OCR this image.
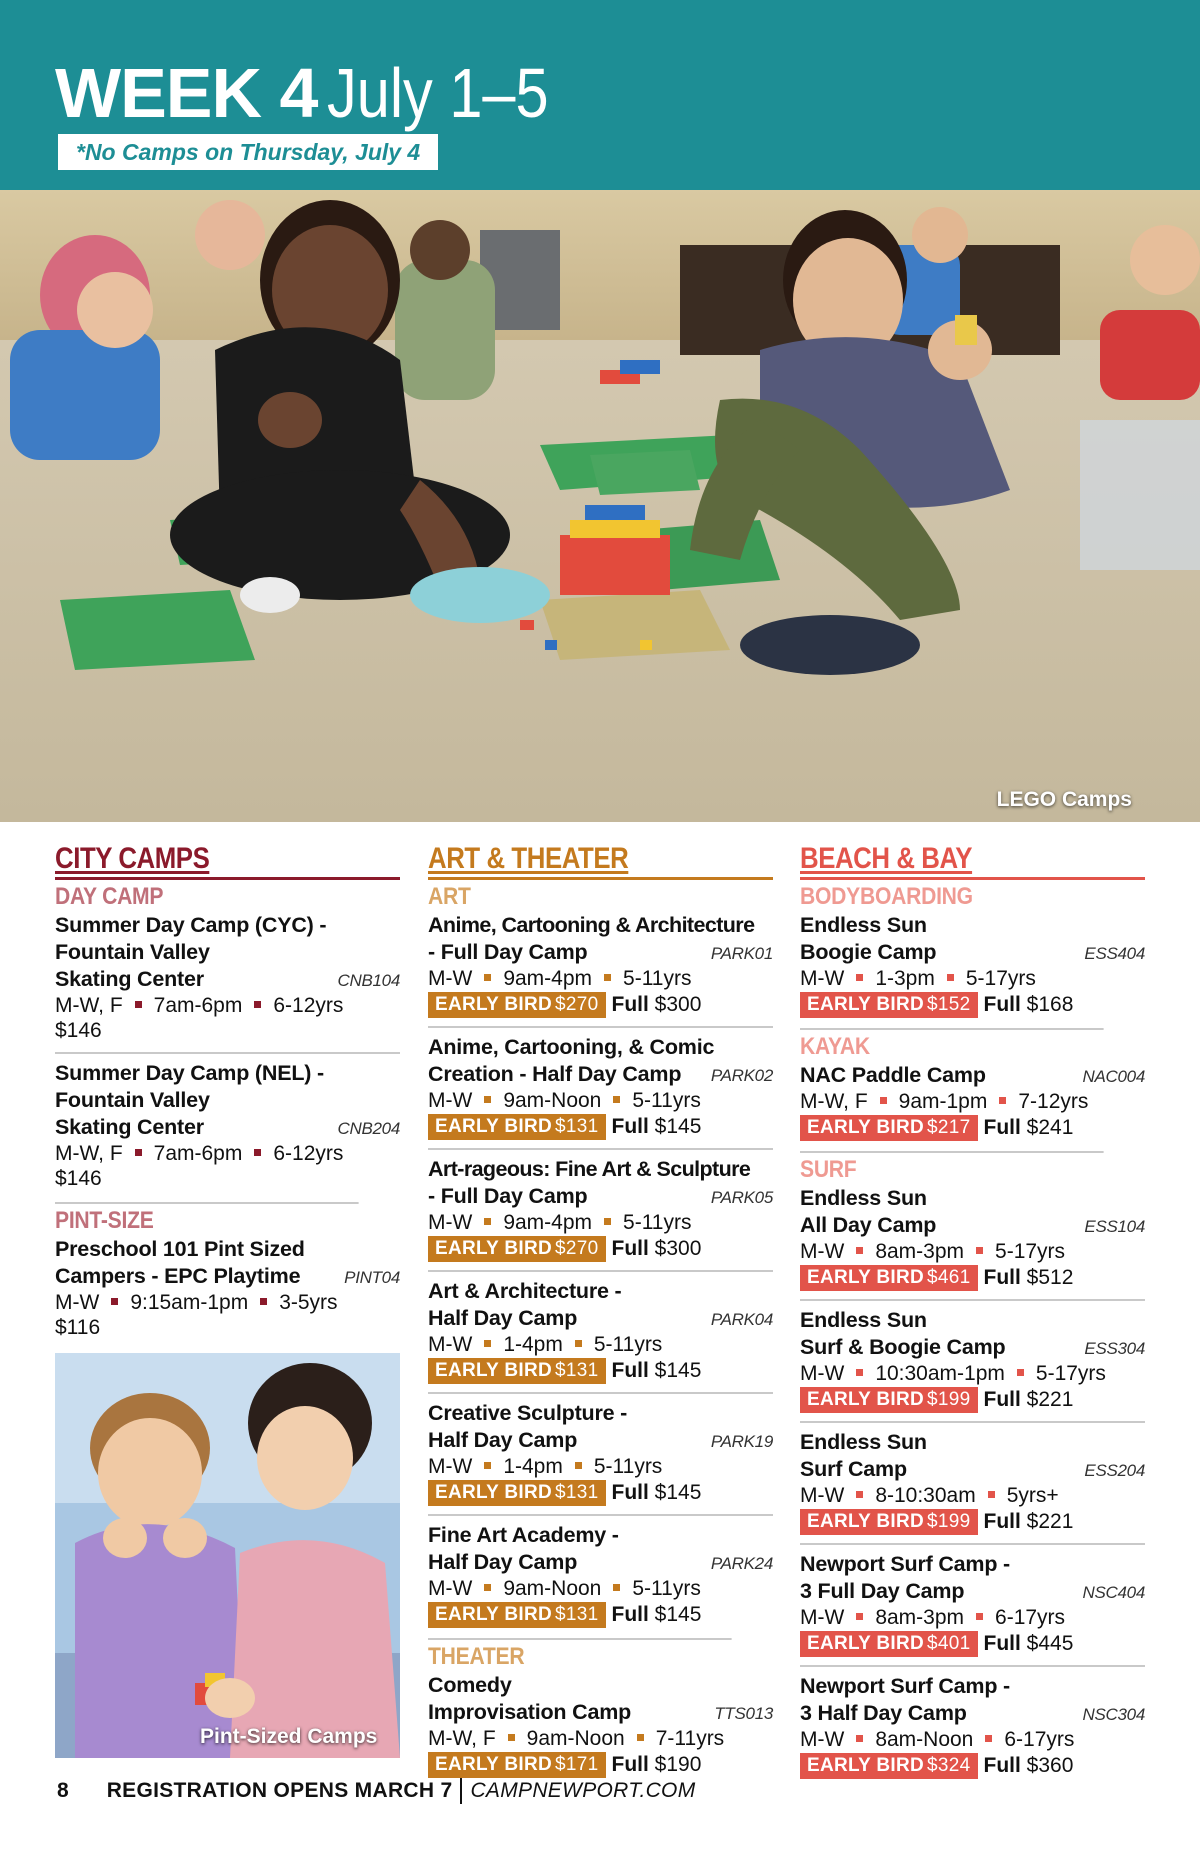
WEEK 4 July 1–5
*No Camps on Thursday, July 4
LEGO Camps
CITY CAMPS
DAY CAMP
Summer Day Camp (CYC) -
Fountain Valley
Skating Center	CNB104
M-W, F 7am-6pm 6-12yrs
$146
Summer Day Camp (NEL) -
Fountain Valley
Skating Center	CNB204
M-W, F 7am-6pm 6-12yrs
$146
PINT-SIZE
Preschool 101 Pint Sized
Campers - EPC Playtime	PINT04
M-W 9:15am-1pm 3-5yrs
$116
Pint-Sized Camps
ART & THEATER
ART
Anime, Cartooning & Architecture
- Full Day Camp	PARK01
M-W 9am-4pm 5-11yrs
EARLY BIRD $270 Full $300
Anime, Cartooning, & Comic
Creation - Half Day Camp PARK02
M-W 9am-Noon 5-11yrs
EARLY BIRD $131 Full $145
Art-rageous: Fine Art & Sculpture
- Full Day Camp	PARK05
M-W 9am-4pm 5-11yrs
EARLY BIRD $270 Full $300
Art & Architecture -
Half Day Camp	PARK04
M-W 1-4pm 5-11yrs
EARLY BIRD $131 Full $145
Creative Sculpture -
Half Day Camp	PARK19
M-W 1-4pm 5-11yrs
EARLY BIRD $131 Full $145
Fine Art Academy -
Half Day Camp	PARK24
M-W 9am-Noon 5-11yrs
EARLY BIRD $131 Full $145
THEATER
Comedy
Improvisation Camp	TTS013
M-W, F 9am-Noon 7-11yrs
EARLY BIRD $171 Full $190
BEACH & BAY
BODYBOARDING
Endless Sun
Boogie Camp	ESS404
M-W 1-3pm 5-17yrs
EARLY BIRD $152 Full $168
KAYAK
NAC Paddle Camp	NAC004
M-W, F 9am-1pm 7-12yrs
EARLY BIRD $217 Full $241
SURF
Endless Sun
All Day Camp	ESS104
M-W 8am-3pm 5-17yrs
EARLY BIRD $461 Full $512
Endless Sun
Surf & Boogie Camp	ESS304
M-W 10:30am-1pm 5-17yrs
EARLY BIRD $199 Full $221
Endless Sun
Surf Camp	ESS204
M-W 8-10:30am 5yrs+
EARLY BIRD $199 Full $221
Newport Surf Camp -
3 Full Day Camp	NSC404
M-W 8am-3pm 6-17yrs
EARLY BIRD $401 Full $445
Newport Surf Camp -
3 Half Day Camp	NSC304
M-W 8am-Noon 6-17yrs
EARLY BIRD $324 Full $360
8 REGISTRATION OPENS MARCH 7 CAMPNEWPORT.COM
